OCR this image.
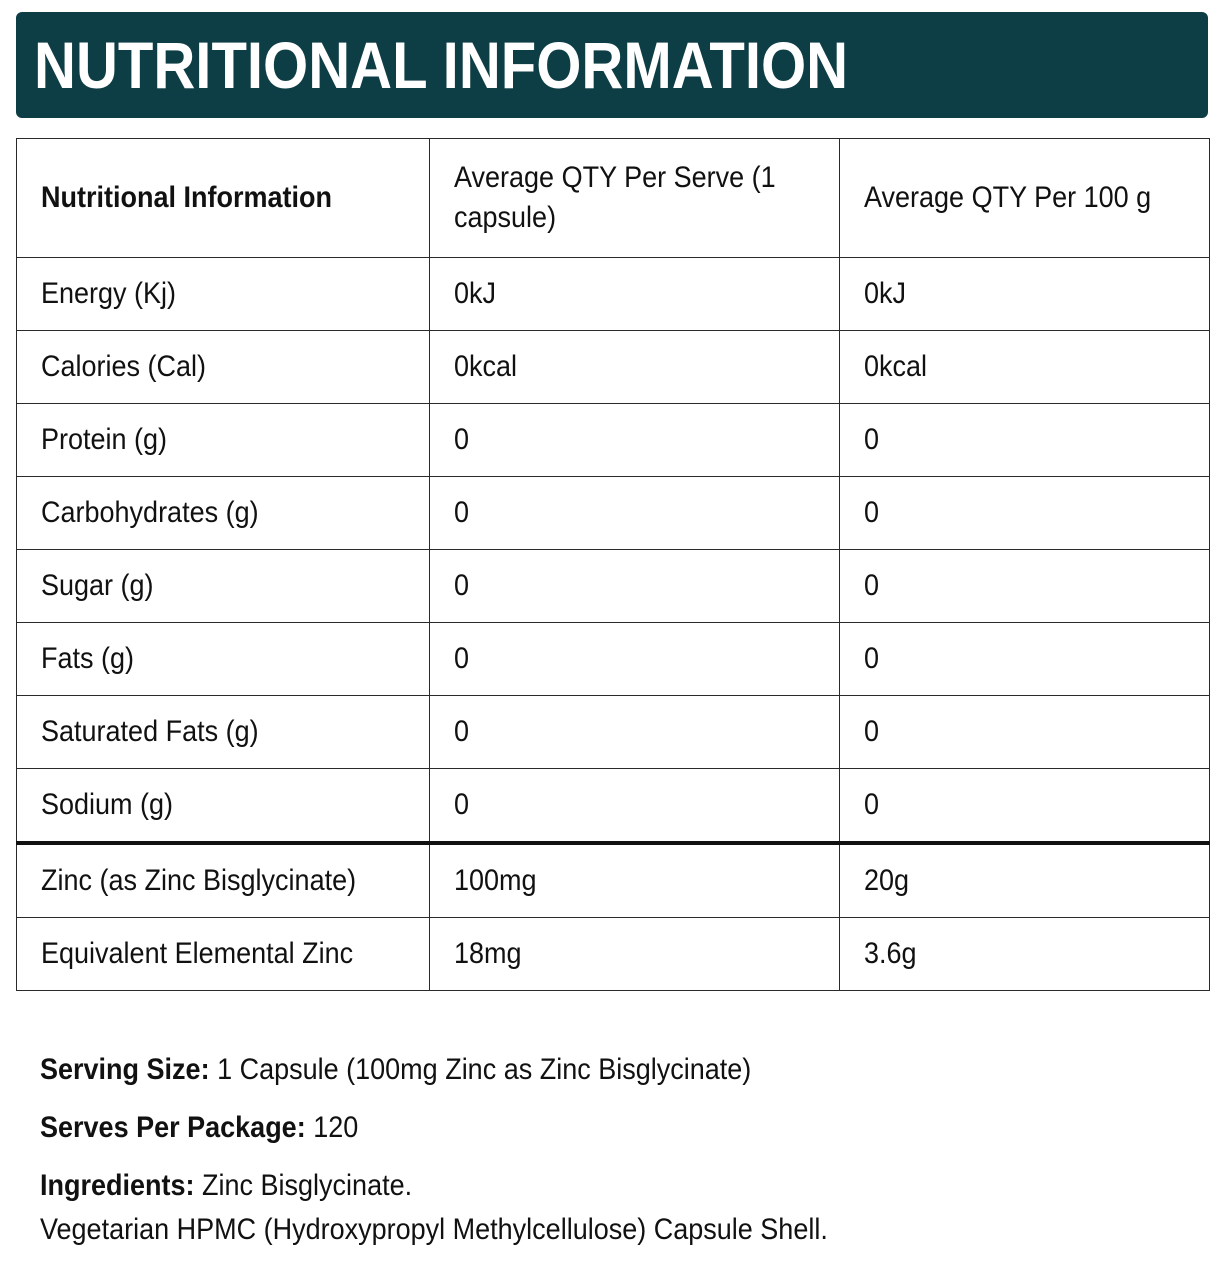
NUTRITIONAL INFORMATION
Nutritional Information	Average QTY Per Serve (1 capsule)	Average QTY Per 100 g
Energy (Kj)	0kJ	0kJ
Calories (Cal)	0kcal	0kcal
Protein (g)	0	0
Carbohydrates (g)	0	0
Sugar (g)	0	0
Fats (g)	0	0
Saturated Fats (g)	0	0
Sodium (g)	0	0
Zinc (as Zinc Bisglycinate)	100mg	20g
Equivalent Elemental Zinc	18mg	3.6g

Serving Size: 1 Capsule (100mg Zinc as Zinc Bisglycinate)

Serves Per Package: 120

Ingredients: Zinc Bisglycinate.

Vegetarian HPMC (Hydroxypropyl Methylcellulose) Capsule Shell.
